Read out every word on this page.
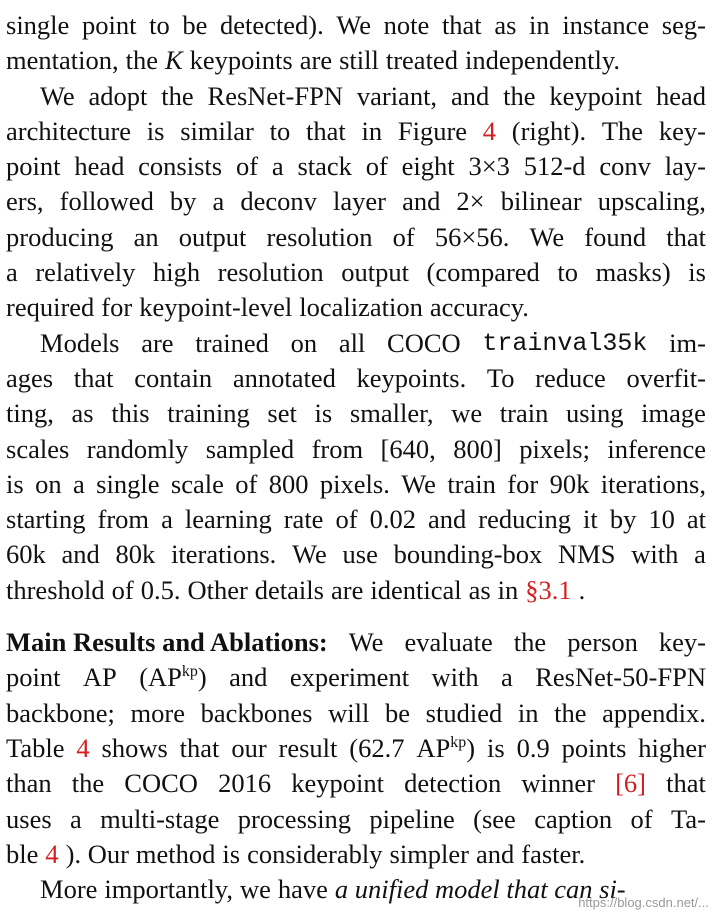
single point to be detected). We note that as in instance seg-
mentation, the K keypoints are still treated independently.
We adopt the ResNet-FPN variant, and the keypoint head
architecture is similar to that in Figure 4 (right). The key-
point head consists of a stack of eight 3×3 512-d conv lay-
ers, followed by a deconv layer and 2× bilinear upscaling,
producing an output resolution of 56×56. We found that
a relatively high resolution output (compared to masks) is
required for keypoint-level localization accuracy.
Models are trained on all COCO trainval35k im-
ages that contain annotated keypoints. To reduce overfit-
ting, as this training set is smaller, we train using image
scales randomly sampled from [640, 800] pixels; inference
is on a single scale of 800 pixels. We train for 90k iterations,
starting from a learning rate of 0.02 and reducing it by 10 at
60k and 80k iterations. We use bounding-box NMS with a
threshold of 0.5. Other details are identical as in §3.1 .
Main Results and Ablations: We evaluate the person key-
point AP $(AP^{kp})$ and experiment with a ResNet-50-FPN
backbone; more backbones will be studied in the appendix.
Table 4 shows that our result (62.7 $AP^{kp}$) is 0.9 points higher
than the COCO 2016 keypoint detection winner [6] that
uses a multi-stage processing pipeline (see caption of Ta-
ble 4 ). Our method is considerably simpler and faster.
More importantly, we have a unified model that can si-
https://blog.csdn.net/...
